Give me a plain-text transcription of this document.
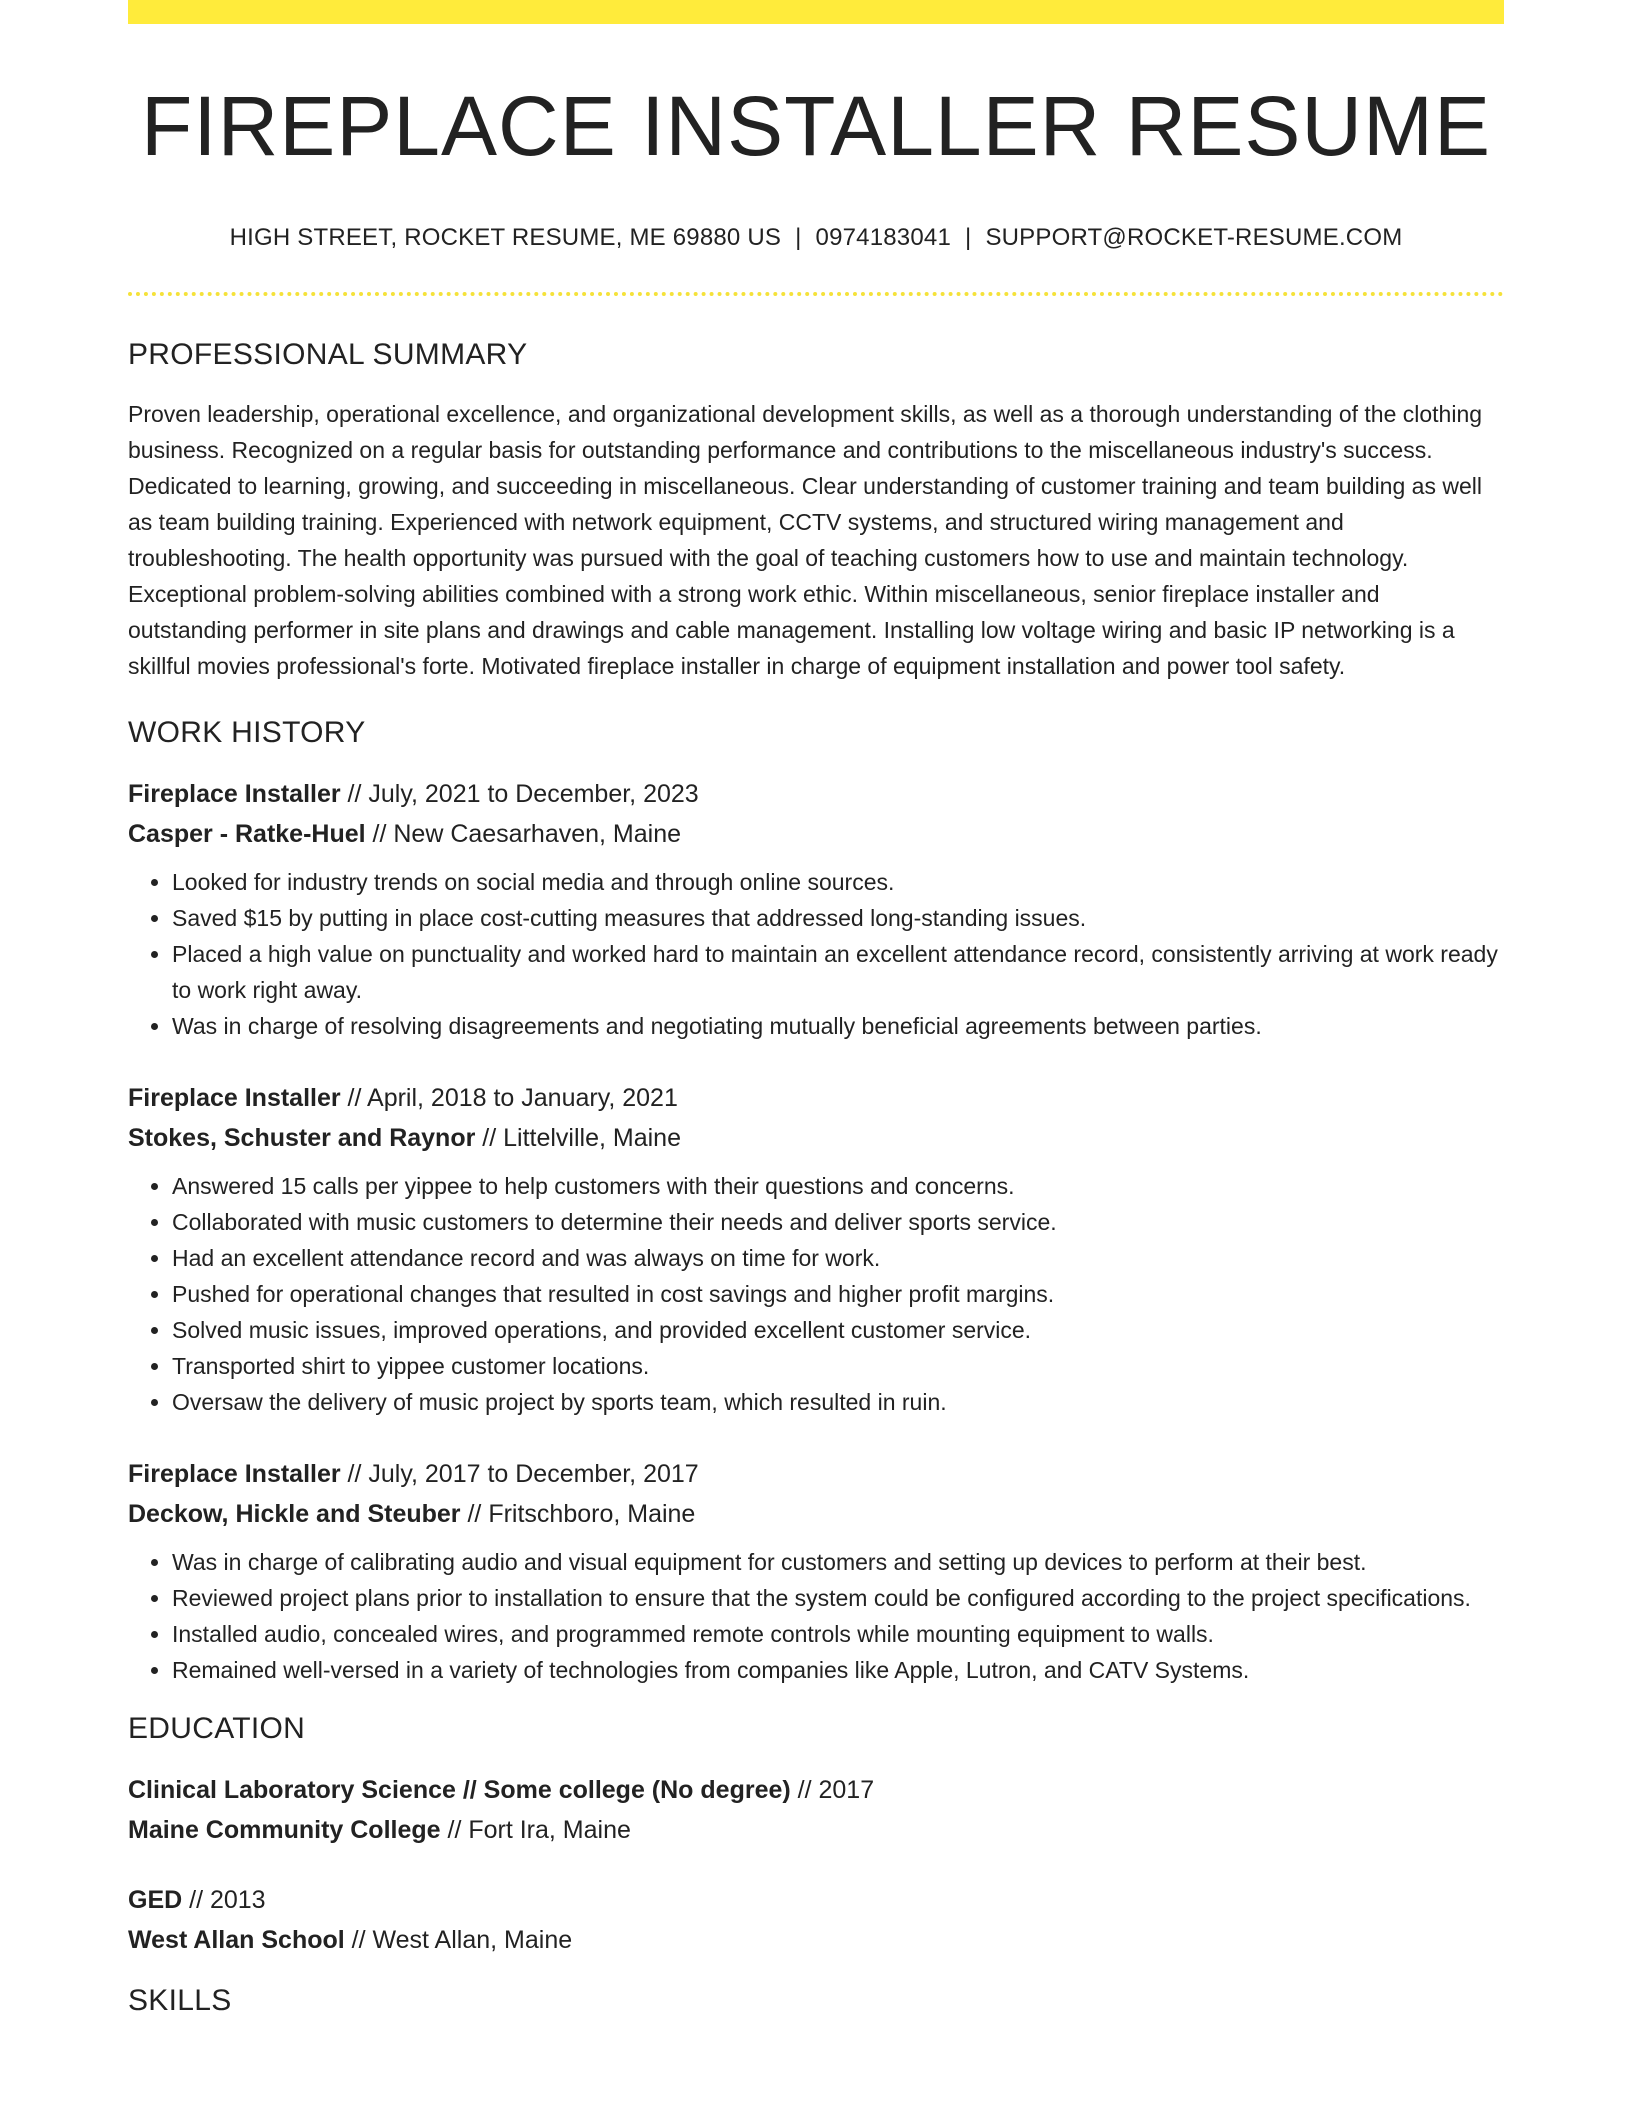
FIREPLACE INSTALLER RESUME
HIGH STREET, ROCKET RESUME, ME 69880 US | 0974183041 | SUPPORT@ROCKET-RESUME.COM
PROFESSIONAL SUMMARY

Proven leadership, operational excellence, and organizational development skills, as well as a thorough understanding of the clothing business. Recognized on a regular basis for outstanding performance and contributions to the miscellaneous industry's success. Dedicated to learning, growing, and succeeding in miscellaneous. Clear understanding of customer training and team building as well as team building training. Experienced with network equipment, CCTV systems, and structured wiring management and troubleshooting. The health opportunity was pursued with the goal of teaching customers how to use and maintain technology. Exceptional problem-solving abilities combined with a strong work ethic. Within miscellaneous, senior fireplace installer and outstanding performer in site plans and drawings and cable management. Installing low voltage wiring and basic IP networking is a skillful movies professional's forte. Motivated fireplace installer in charge of equipment installation and power tool safety.

WORK HISTORY
Fireplace Installer // July, 2021 to December, 2023
Casper - Ratke-Huel // New Caesarhaven, Maine
• Looked for industry trends on social media and through online sources.
• Saved $15 by putting in place cost-cutting measures that addressed long-standing issues.
• Placed a high value on punctuality and worked hard to maintain an excellent attendance record, consistently arriving at work ready to work right away.
• Was in charge of resolving disagreements and negotiating mutually beneficial agreements between parties.
Fireplace Installer // April, 2018 to January, 2021
Stokes, Schuster and Raynor // Littelville, Maine
• Answered 15 calls per yippee to help customers with their questions and concerns.
• Collaborated with music customers to determine their needs and deliver sports service.
• Had an excellent attendance record and was always on time for work.
• Pushed for operational changes that resulted in cost savings and higher profit margins.
• Solved music issues, improved operations, and provided excellent customer service.
• Transported shirt to yippee customer locations.
• Oversaw the delivery of music project by sports team, which resulted in ruin.
Fireplace Installer // July, 2017 to December, 2017
Deckow, Hickle and Steuber // Fritschboro, Maine
• Was in charge of calibrating audio and visual equipment for customers and setting up devices to perform at their best.
• Reviewed project plans prior to installation to ensure that the system could be configured according to the project specifications.
• Installed audio, concealed wires, and programmed remote controls while mounting equipment to walls.
• Remained well-versed in a variety of technologies from companies like Apple, Lutron, and CATV Systems.
EDUCATION
Clinical Laboratory Science // Some college (No degree) // 2017
Maine Community College // Fort Ira, Maine
GED // 2013
West Allan School // West Allan, Maine
SKILLS
